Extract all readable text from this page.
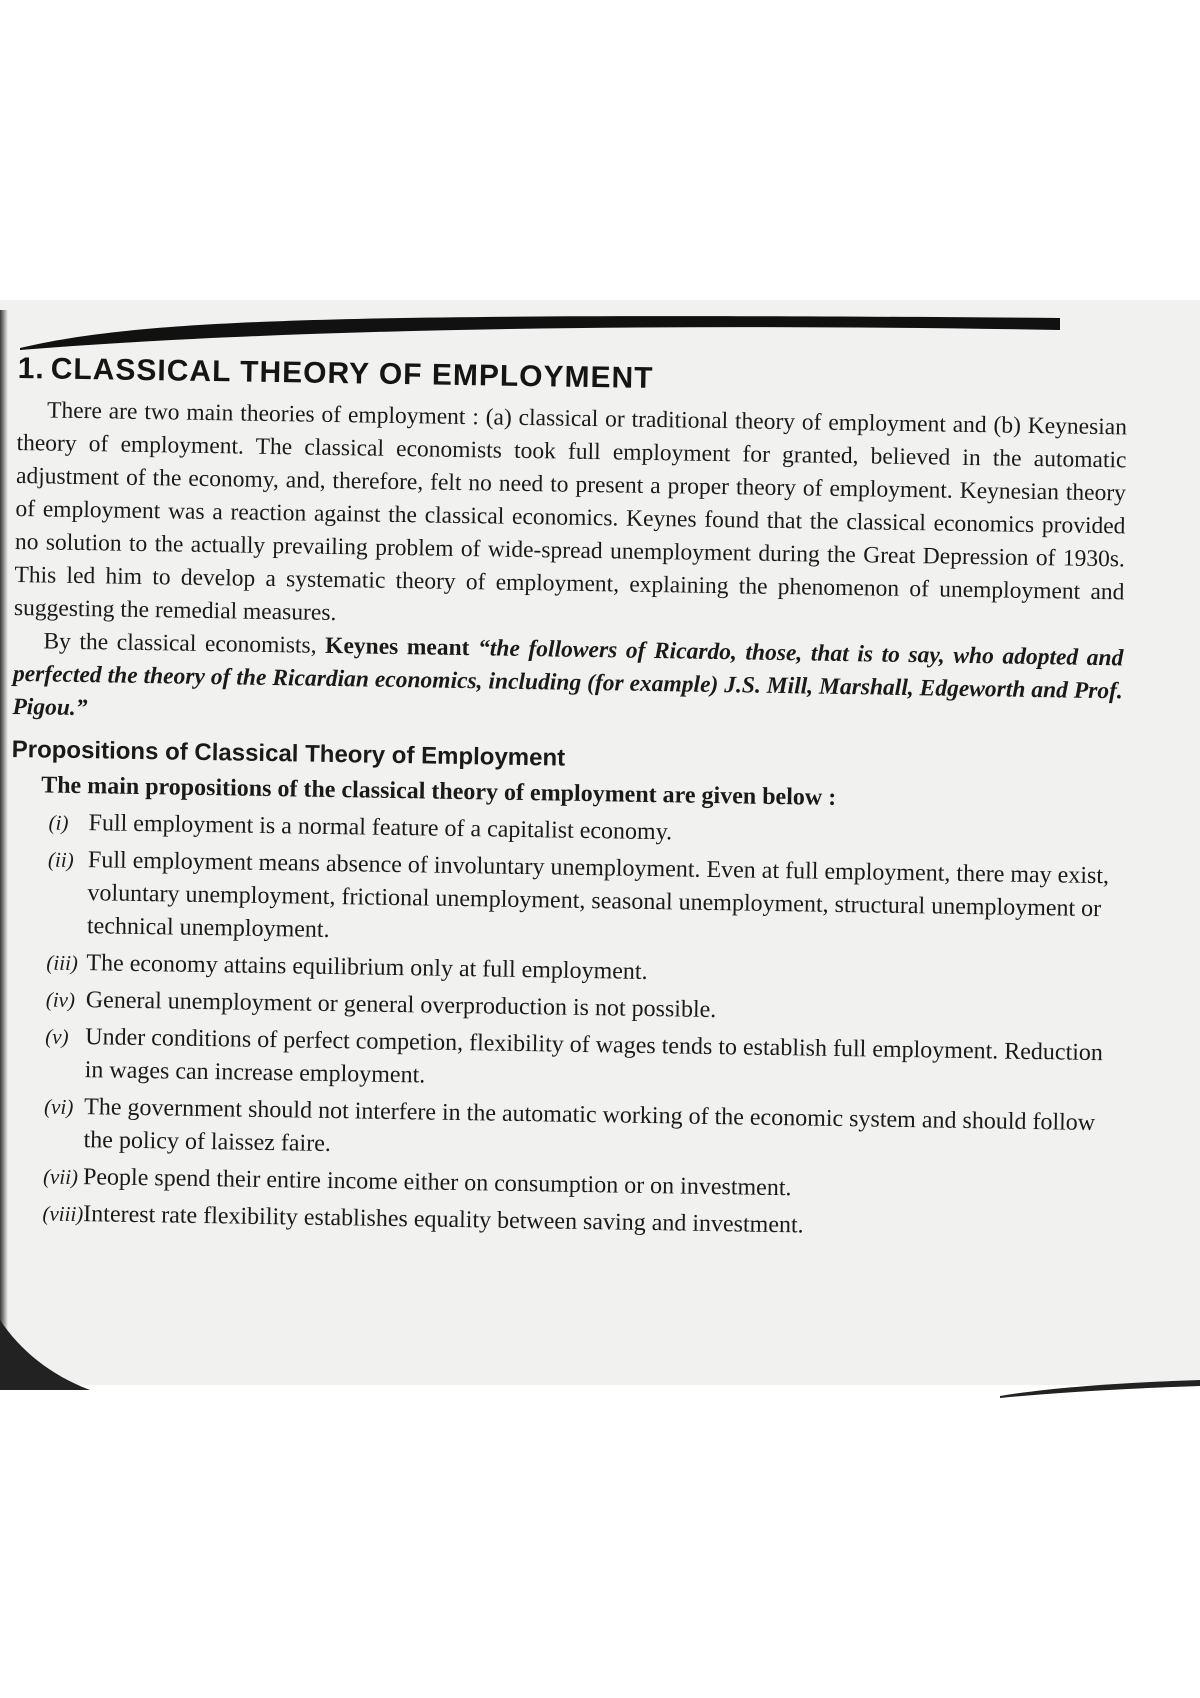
1. CLASSICAL THEORY OF EMPLOYMENT

There are two main theories of employment : (a) classical or traditional theory of employment and (b) Keynesian theory of employment. The classical economists took full employment for granted, believed in the automatic adjustment of the economy, and, therefore, felt no need to present a proper theory of employment. Keynesian theory of employment was a reaction against the classical economics. Keynes found that the classical economics provided no solution to the actually prevailing problem of wide-spread unemployment during the Great Depression of 1930s. This led him to develop a systematic theory of employment, explaining the phenomenon of unemployment and suggesting the remedial measures.

By the classical economists, Keynes meant “the followers of Ricardo, those, that is to say, who adopted and perfected the theory of the Ricardian economics, including (for example) J.S. Mill, Marshall, Edgeworth and Prof. Pigou.”

Propositions of Classical Theory of Employment

The main propositions of the classical theory of employment are given below :

(i) Full employment is a normal feature of a capitalist economy.
(ii) Full employment means absence of involuntary unemployment. Even at full employment, there may exist, voluntary unemployment, frictional unemployment, seasonal unemployment, structural unemployment or technical unemployment.
(iii) The economy attains equilibrium only at full employment.
(iv) General unemployment or general overproduction is not possible.
(v) Under conditions of perfect competion, flexibility of wages tends to establish full employment. Reduction in wages can increase employment.
(vi) The government should not interfere in the automatic working of the economic system and should follow the policy of laissez faire.
(vii) People spend their entire income either on consumption or on investment.
(viii) Interest rate flexibility establishes equality between saving and investment.
